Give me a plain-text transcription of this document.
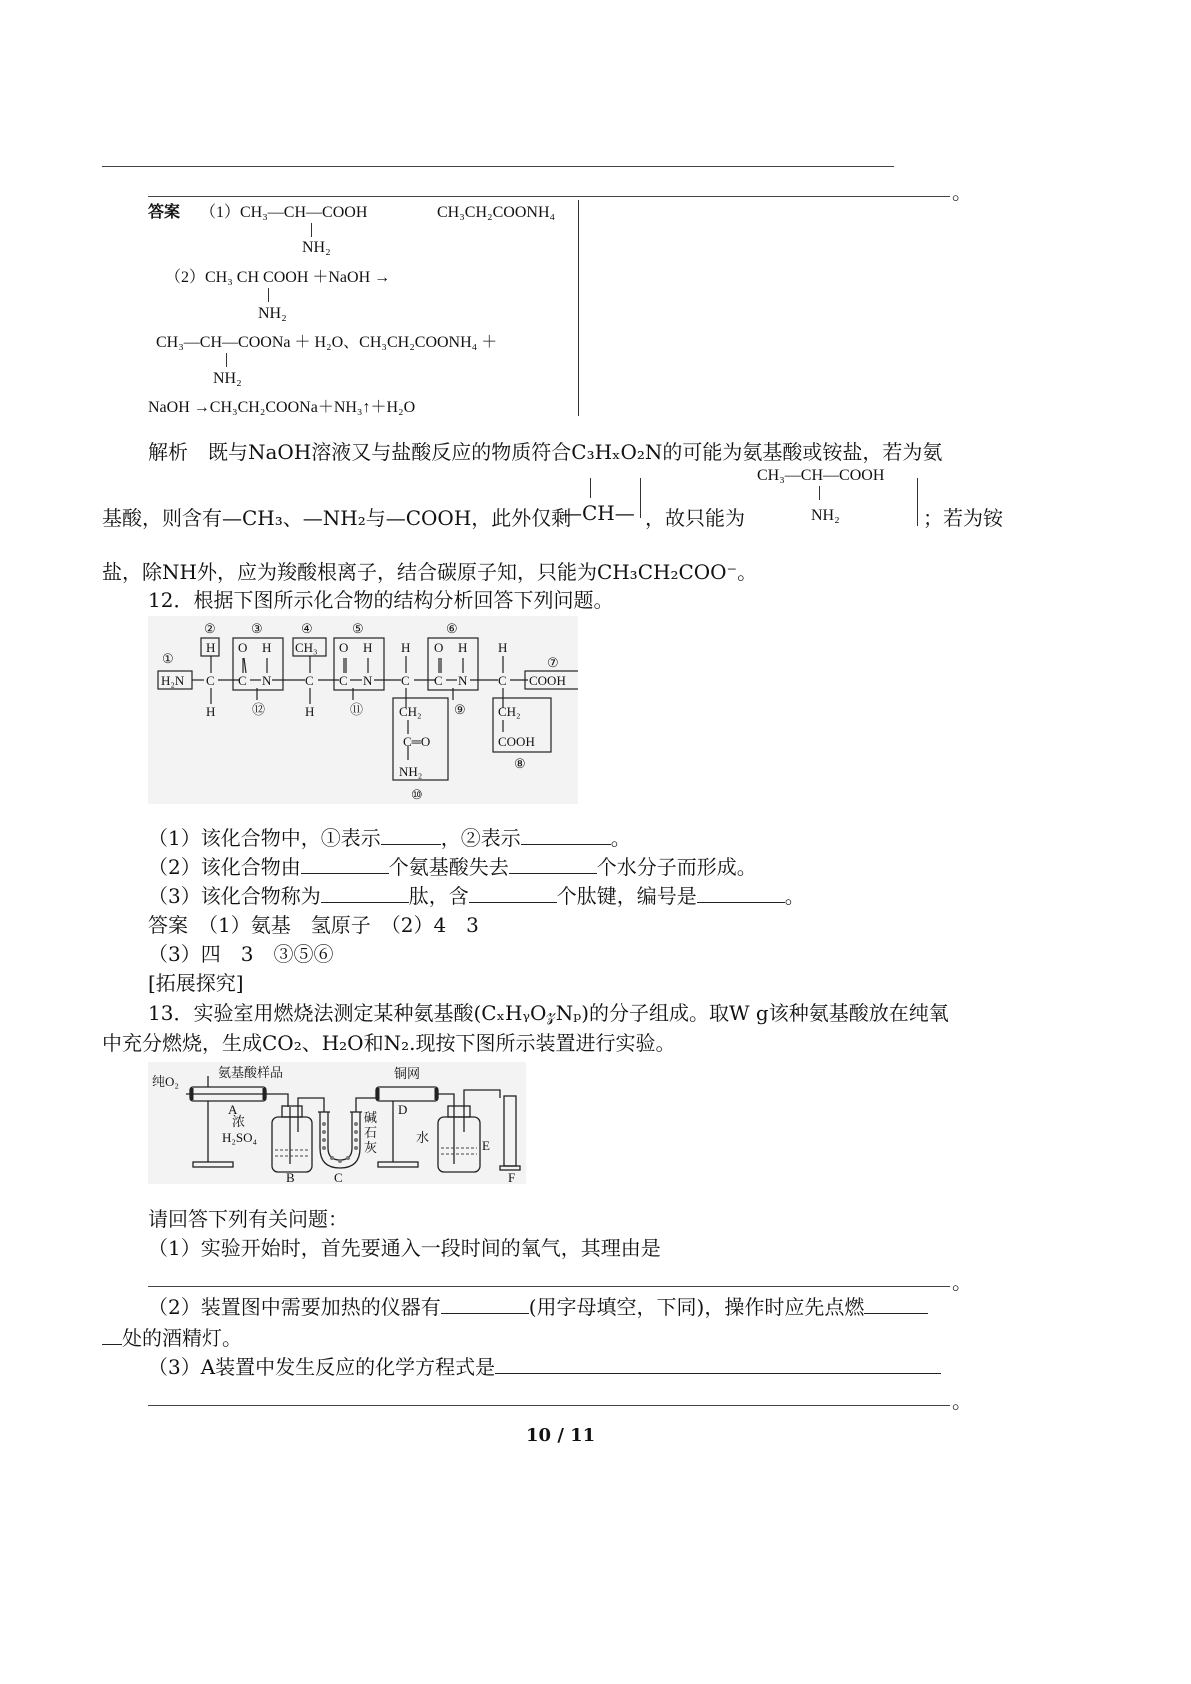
。
答案 （1）CH₃—CH—COOH	CH₃CH₂COONH₄
NH₂
（2）CH₃ CH COOH ＋NaOH →
NH₂
CH₃—CH—COONa ＋ H₂O、CH₃CH₂COONH₄ ＋
NH₂
NaOH →CH₃CH₂COONa＋NH₃↑＋H₂O
解析　既与NaOH溶液又与盐酸反应的物质符合C₃HₓO₂N的可能为氨基酸或铵盐，若为氨
CH₃—CH—COOH
NH₂
基酸，则含有—CH₃、—NH₂与—COOH，此外仅剩
—CH— ，故只能为	；若为铵
盐，除NH外，应为羧酸根离子，结合碳原子知，只能为CH₃CH₂COO⁻。
12．根据下图所示化合物的结构分析回答下列问题。
①
②	③	④	⑤	⑥
⑦
⑧
⑨
⑩
⑪
⑫
H₂N
H
C
H
O H
C N
CH₃
C
H
O H
C N
H
C
O H
C N
H
C COOH
CH₂
C═O
NH₂
CH₂
COOH
（1）该化合物中，①表示	，②表示	。
（2）该化合物由	个氨基酸失去	个水分子而形成。
（3）该化合物称为	肽，含	个肽键，编号是	。
答案　（1）氨基　氢原子　（2）4　3
（3）四　3　③⑤⑥
[拓展探究]
13．实验室用燃烧法测定某种氨基酸(CₓHᵧO𝓏Nₚ)的分子组成。取W g该种氨基酸放在纯氧
中充分燃烧，生成CO₂、H₂O和N₂.现按下图所示装置进行实验。
纯O₂
氨基酸样品	铜网
浓
H₂SO₄
碱
石
灰
水
A
B	C
D
E
F
请回答下列有关问题：
（1）实验开始时，首先要通入一段时间的氧气，其理由是
。
（2）装置图中需要加热的仪器有	(用字母填空，下同)，操作时应先点燃
处的酒精灯。
（3）A装置中发生反应的化学方程式是
。
10 / 11
